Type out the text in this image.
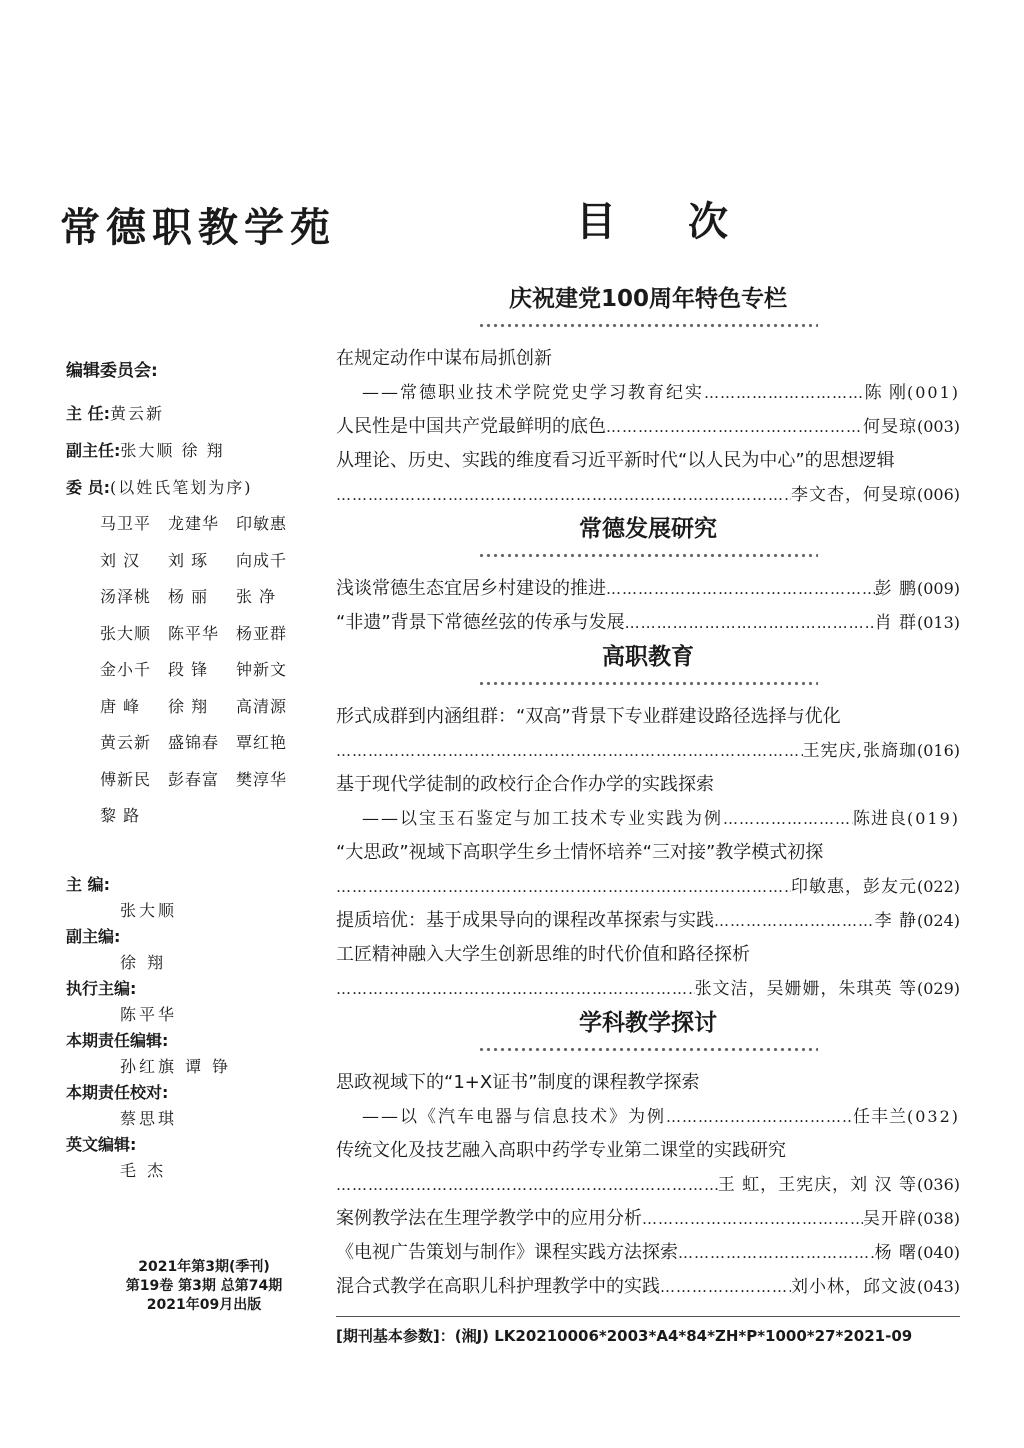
常德职教学苑
编辑委员会:
主 任: 黄云新
副主任: 张大顺 徐 翔
委 员: (以姓氏笔划为序)
马卫平 龙建华 印敏惠
刘 汉 刘 琢 向成千
汤泽桃 杨 丽 张 净
张大顺 陈平华 杨亚群
金小千 段 锋 钟新文
唐 峰 徐 翔 高清源
黄云新 盛锦春 覃红艳
傅新民 彭春富 樊淳华
黎 路
主 编:
张大顺
副主编:
徐 翔
执行主编:
陈平华
本期责任编辑:
孙红旗 谭 铮
本期责任校对:
蔡思琪
英文编辑:
毛 杰
2021年第3期(季刊)
第19卷 第3期 总第74期
2021年09月出版
目 次
庆祝建党100周年特色专栏
在规定动作中谋布局抓创新
——常德职业技术学院党史学习教育纪实 ………………………………………………………………………………………………………………	陈 刚 (001)
人民性是中国共产党最鲜明的底色 ………………………………………………………………………………………………………………	何旻琼 (003)
从理论、历史、实践的维度看习近平新时代“以人民为中心”的思想逻辑
………………………………………………………………………………………………………………
李文杏，何旻琼 (006)
常德发展研究
浅谈常德生态宜居乡村建设的推进 ………………………………………………………………………………………………………………	彭 鹏 (009)
“非遗”背景下常德丝弦的传承与发展 ………………………………………………………………………………………………………………	肖 群 (013)
高职教育
形式成群到内涵组群：“双高”背景下专业群建设路径选择与优化
………………………………………………………………………………………………………………
王宪庆,张旖珈 (016)
基于现代学徒制的政校行企合作办学的实践探索
——以宝玉石鉴定与加工技术专业实践为例 ………………………………………………………………………………………………………………	陈进良 (019)
“大思政”视域下高职学生乡土情怀培养“三对接”教学模式初探
………………………………………………………………………………………………………………
印敏惠，彭友元 (022)
提质培优：基于成果导向的课程改革探索与实践 ………………………………………………………………………………………………………………	李 静 (024)
工匠精神融入大学生创新思维的时代价值和路径探析
………………………………………………………………………………………………………………
张文洁，吴姗姗，朱琪英 等 (029)
学科教学探讨
思政视域下的“1+X证书”制度的课程教学探索
——以《汽车电器与信息技术》为例 ………………………………………………………………………………………………………………	任丰兰 (032)
传统文化及技艺融入高职中药学专业第二课堂的实践研究
………………………………………………………………………………………………………………
王 虹，王宪庆，刘 汉 等 (036)
案例教学法在生理学教学中的应用分析 ………………………………………………………………………………………………………………	吴开辟 (038)
《电视广告策划与制作》课程实践方法探索 ………………………………………………………………………………………………………………	杨 曙 (040)
混合式教学在高职儿科护理教学中的实践 ………………………………………………………………………………………………………………	刘小林，邱文波 (043)
[期刊基本参数]：(湘J) LK20210006*2003*A4*84*ZH*P*1000*27*2021-09
